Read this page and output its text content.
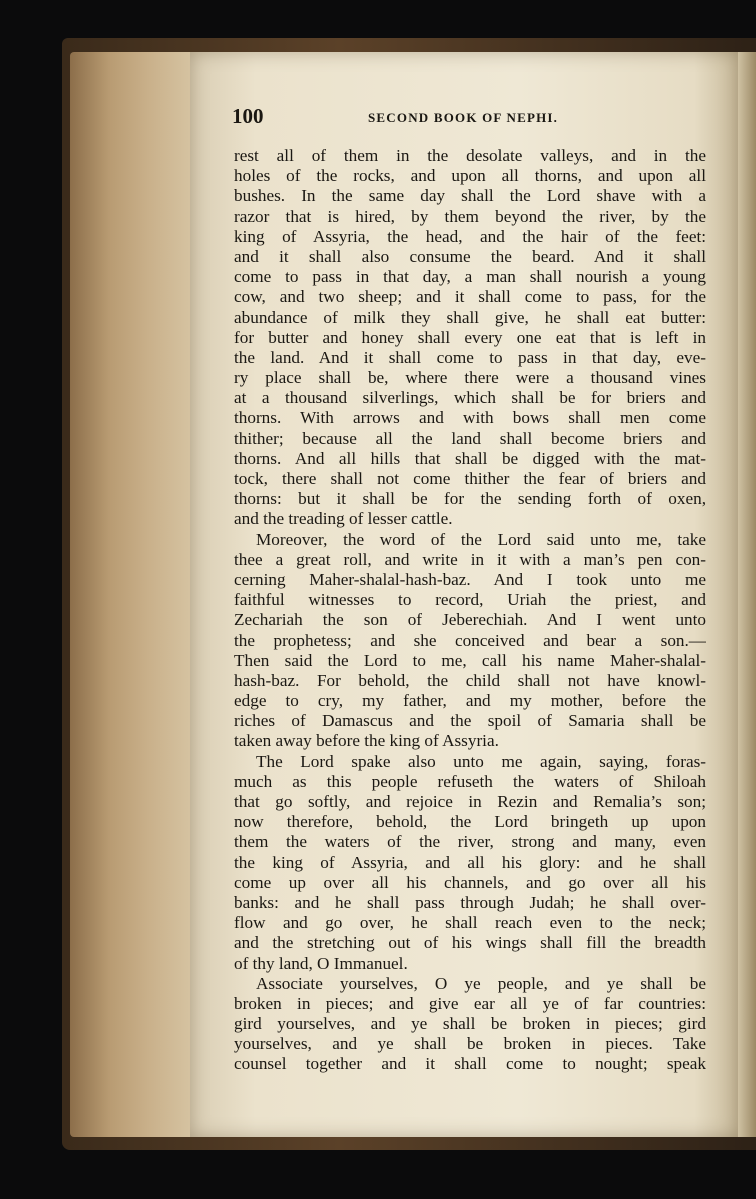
100	SECOND BOOK OF NEPHI.
rest all of them in the desolate valleys, and in the
holes of the rocks, and upon all thorns, and upon all
bushes. In the same day shall the Lord shave with a
razor that is hired, by them beyond the river, by the
king of Assyria, the head, and the hair of the feet:
and it shall also consume the beard. And it shall
come to pass in that day, a man shall nourish a young
cow, and two sheep; and it shall come to pass, for the
abundance of milk they shall give, he shall eat butter:
for butter and honey shall every one eat that is left in
the land. And it shall come to pass in that day, eve-
ry place shall be, where there were a thousand vines
at a thousand silverlings, which shall be for briers and
thorns. With arrows and with bows shall men come
thither; because all the land shall become briers and
thorns. And all hills that shall be digged with the mat-
tock, there shall not come thither the fear of briers and
thorns: but it shall be for the sending forth of oxen,
and the treading of lesser cattle.
Moreover, the word of the Lord said unto me, take
thee a great roll, and write in it with a man’s pen con-
cerning Maher-shalal-hash-baz. And I took unto me
faithful witnesses to record, Uriah the priest, and
Zechariah the son of Jeberechiah. And I went unto
the prophetess; and she conceived and bear a son.—
Then said the Lord to me, call his name Maher-shalal-
hash-baz. For behold, the child shall not have knowl-
edge to cry, my father, and my mother, before the
riches of Damascus and the spoil of Samaria shall be
taken away before the king of Assyria.
The Lord spake also unto me again, saying, foras-
much as this people refuseth the waters of Shiloah
that go softly, and rejoice in Rezin and Remalia’s son;
now therefore, behold, the Lord bringeth up upon
them the waters of the river, strong and many, even
the king of Assyria, and all his glory: and he shall
come up over all his channels, and go over all his
banks: and he shall pass through Judah; he shall over-
flow and go over, he shall reach even to the neck;
and the stretching out of his wings shall fill the breadth
of thy land, O Immanuel.
Associate yourselves, O ye people, and ye shall be
broken in pieces; and give ear all ye of far countries:
gird yourselves, and ye shall be broken in pieces; gird
yourselves, and ye shall be broken in pieces. Take
counsel together and it shall come to nought; speak
